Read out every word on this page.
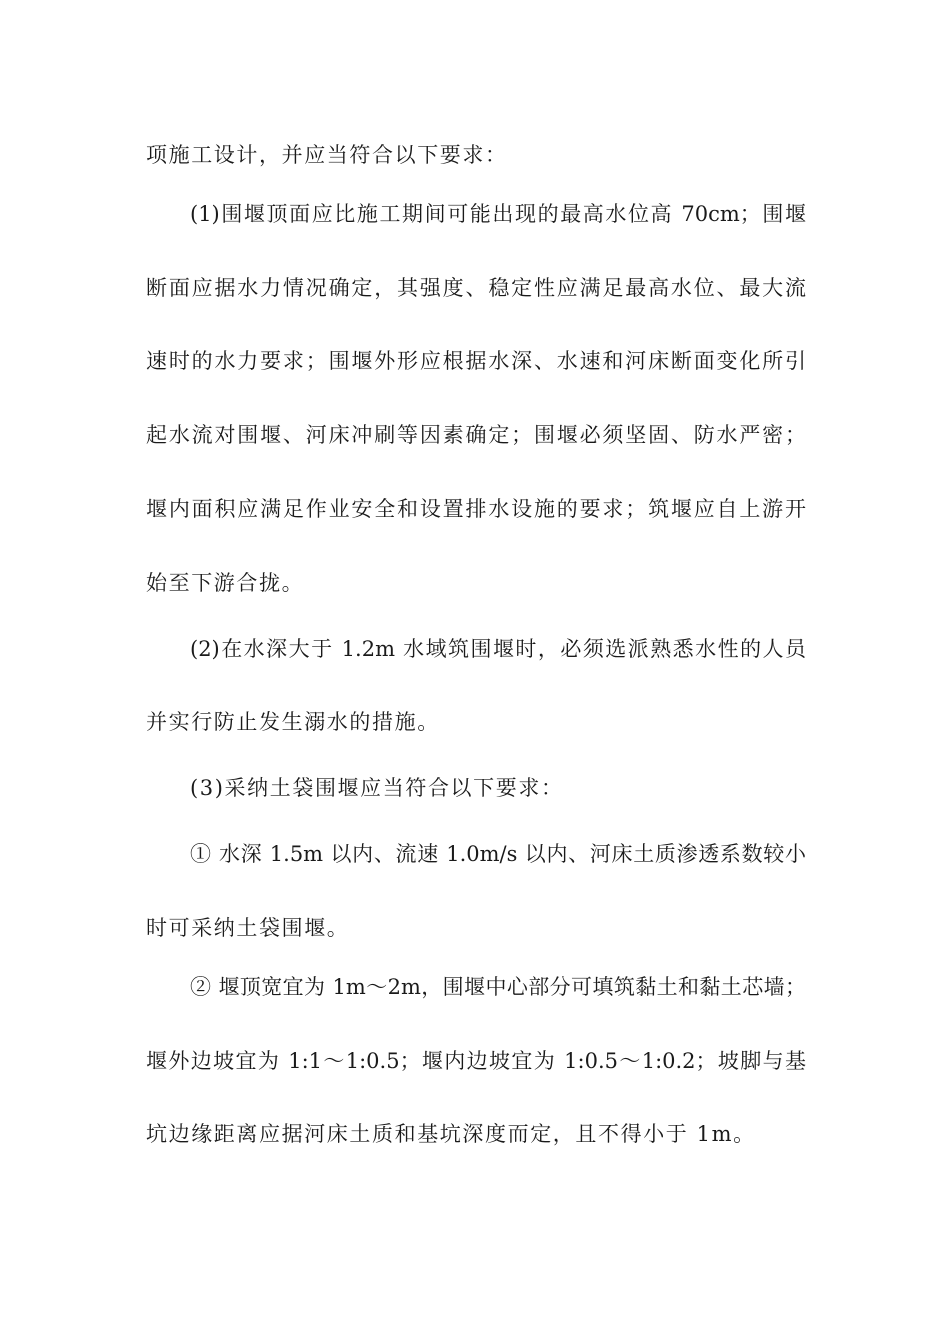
项施工设计，并应当符合以下要求：
(1)围堰顶面应比施工期间可能出现的最高水位高 70cm；围堰
断面应据水力情况确定，其强度、稳定性应满足最高水位、最大流
速时的水力要求；围堰外形应根据水深、水速和河床断面变化所引
起水流对围堰、河床冲刷等因素确定；围堰必须坚固、防水严密；
堰内面积应满足作业安全和设置排水设施的要求；筑堰应自上游开
始至下游合拢。
(2)在水深大于 1.2m 水域筑围堰时，必须选派熟悉水性的人员
并实行防止发生溺水的措施。
(3)采纳土袋围堰应当符合以下要求：
① 水深 1.5m 以内、流速 1.0m/s 以内、河床土质渗透系数较小
时可采纳土袋围堰。
② 堰顶宽宜为 1m～2m，围堰中心部分可填筑黏土和黏土芯墙；
堰外边坡宜为 1:1～1:0.5；堰内边坡宜为 1:0.5～1:0.2；坡脚与基
坑边缘距离应据河床土质和基坑深度而定，且不得小于 1m。
